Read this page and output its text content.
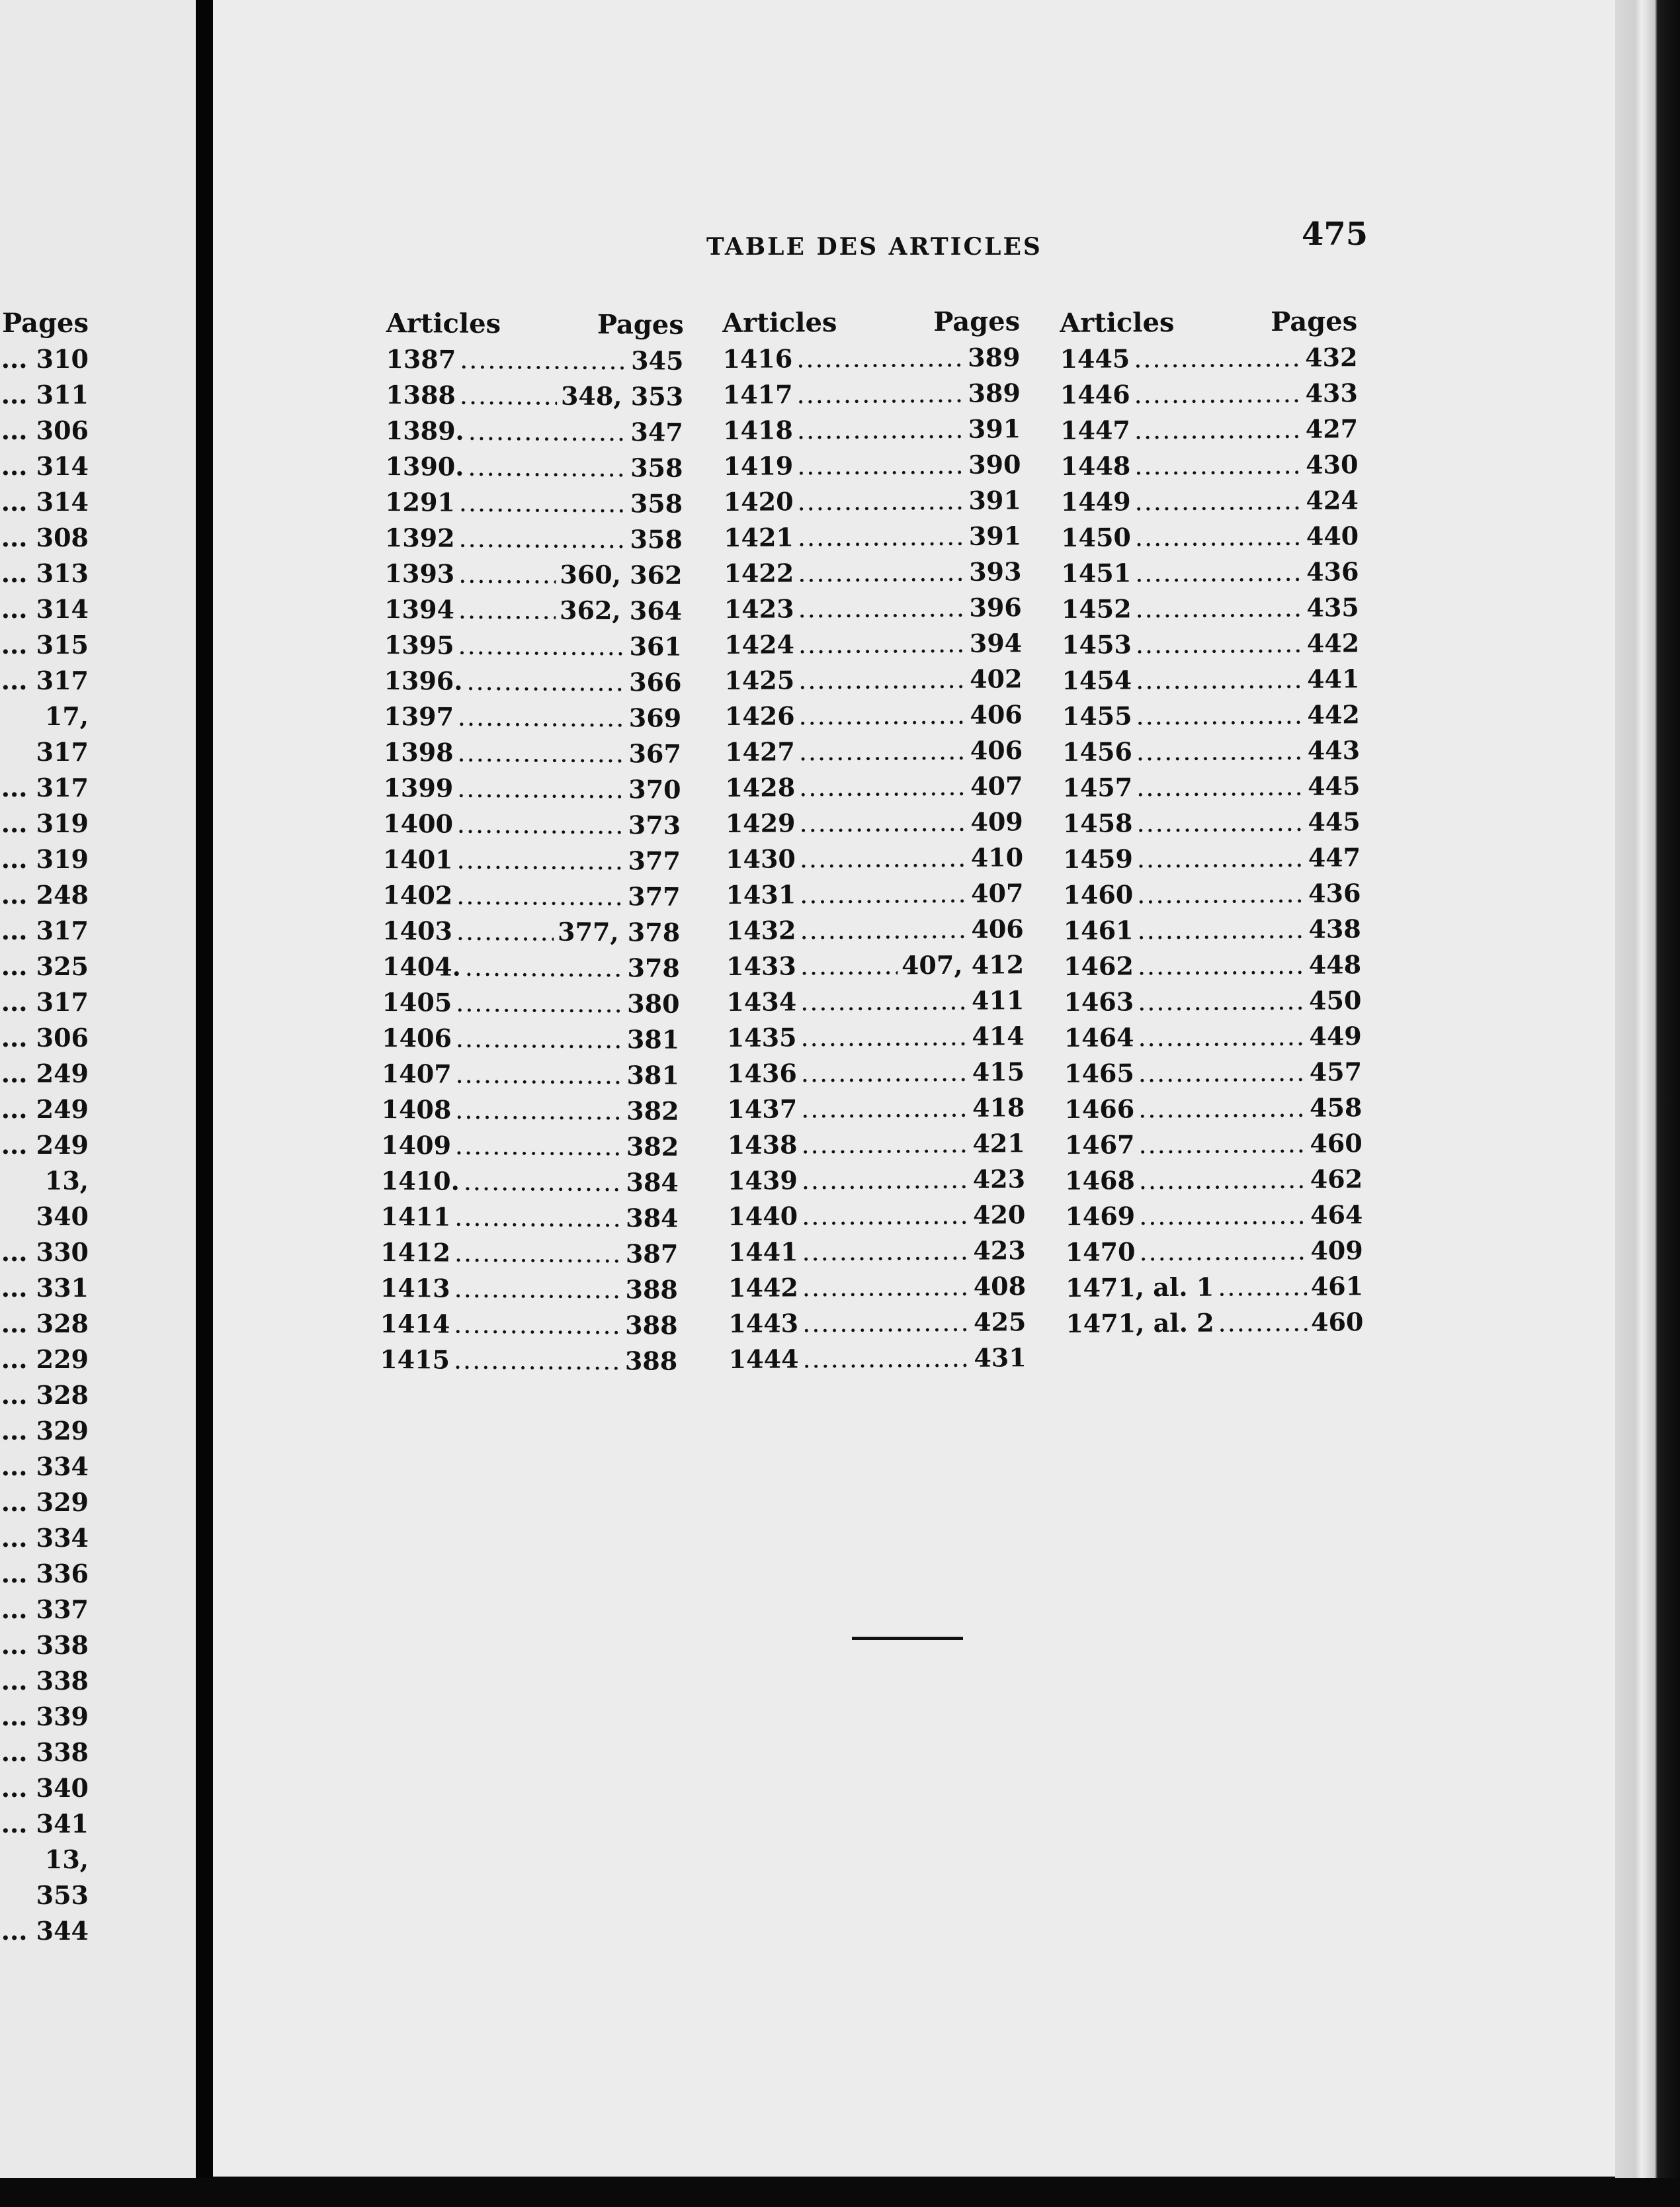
Pages
... 310
... 311
... 306
... 314
... 314
... 308
... 313
... 314
... 315
... 317
17, 317
... 317
... 319
... 319
... 248
... 317
... 325
... 317
... 306
... 249
... 249
... 249
13, 340
... 330
... 331
... 328
... 229
... 328
... 329
... 334
... 329
... 334
... 336
... 337
... 338
... 338
... 339
... 338
... 340
... 341
13, 353
... 344
TABLE DES ARTICLES	475
Articles	Pages
1387 .....	345
1388 .....	348, 353
1389. .....	347
1390. .....	358
1291 .....	358
1392 .....	358
1393 .....	360, 362
1394 .....	362, 364
1395 .....	361
1396. .....	366
1397 .....	369
1398 .....	367
1399 .....	370
1400 .....	373
1401 .....	377
1402 .....	377
1403 .....	377, 378
1404. .....	378
1405 .....	380
1406 .....	381
1407 .....	381
1408 .....	382
1409 .....	382
1410. .....	384
1411 .....	384
1412 .....	387
1413 .....	388
1414 .....	388
1415 .....	388
Articles	Pages
1416 .....	389
1417 .....	389
1418 .....	391
1419 .....	390
1420 .....	391
1421 .....	391
1422 .....	393
1423 .....	396
1424 .....	394
1425 .....	402
1426 .....	406
1427 .....	406
1428 .....	407
1429 .....	409
1430 .....	410
1431 .....	407
1432 .....	406
1433 .....	407, 412
1434 .....	411
1435 .....	414
1436 .....	415
1437 .....	418
1438 .....	421
1439 .....	423
1440 .....	420
1441 .....	423
1442 .....	408
1443 .....	425
1444 .....	431
Articles	Pages
1445 .....	432
1446 .....	433
1447 .....	427
1448 .....	430
1449 .....	424
1450 .....	440
1451 .....	436
1452 .....	435
1453 .....	442
1454 .....	441
1455 .....	442
1456 .....	443
1457 .....	445
1458 .....	445
1459 .....	447
1460 .....	436
1461 .....	438
1462 .....	448
1463 .....	450
1464 .....	449
1465 .....	457
1466 .....	458
1467 .....	460
1468 .....	462
1469 .....	464
1470 .....	409
1471, al. 1 .....	461
1471, al. 2 .....	460
